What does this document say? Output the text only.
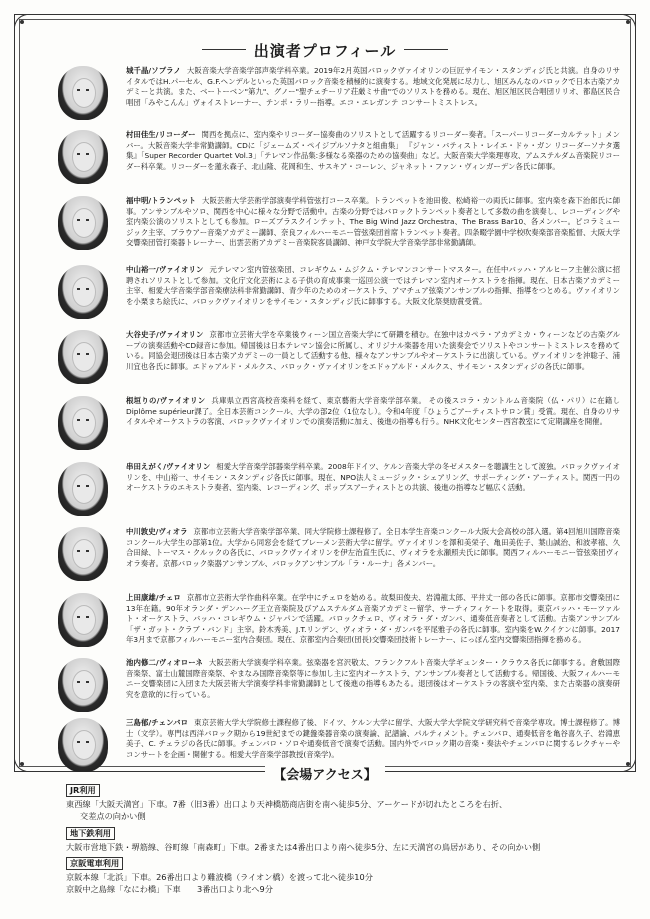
出演者プロフィール
城千晶/ソプラノ 大阪音楽大学音楽学部声楽学科卒業。2019年2月英国バロックヴァイオリンの巨匠サイモン・スタンディジ氏と共演。自身のリサイタルではH.パーセル、G.F.ヘンデルといった英国バロック音楽を積極的に演奏する。地域文化発展に尽力し、旭区みんなのバロックで日本古楽アカデミーと共演。また、ベートーベン"第九"、グノー"聖チェチーリア荘厳ミサ曲"でのソリストを務める。現在、旭区旭区民合唱団リリオ、都島区民合唱団「みやこんん」ヴォイストレーナー、テンポ・ラリー指導。エコ・エレガンテ コンサートミストレス。
村田佳生/リコーダー 関西を拠点に、室内楽やリコーダー協奏曲のソリストとして活躍するリコーダー奏者。「スーパーリコーダーカルテット」メンバー。大阪音楽大学非常勤講師。CDに「ジェームズ・ペイジプルソナタと組曲集」 『ジャン・バティスト・レイエ・ドゥ・ガン リコーダーソナタ選集』「Super Recorder Quartet Vol.3」「テレマン作品集:多様なる楽器のための協奏曲」など。大阪音楽大学楽理専攻、アムステルダム音楽院リコーダー科卒業。リコーダーを蓮永森子、北山隆、花岡和生、サスキア・コーレン、ジャネット・ファン・ヴィンガーデン各氏に師事。
福中明/トランペット 大阪芸術大学芸術学部演奏学科管弦打コース卒業。トランペットを池田俊、松崎裕一の両氏に師事。室内楽を森下治郎氏に師事。アンサンブルやソロ、関西を中心に様々な分野で活動中。古楽の分野ではバロックトランペット奏者として多数の曲を演奏し、レコーディングや室内楽公演のソリストとしても参加。ローズブラスクインテット、The Big Wind Jazz Orchestra、The Brass Bar10、各メンバー。ピコラミュージック主宰、ブラウアー音楽アカデミー講師、奈良フィルハーモニー管弦楽団首席トランペット奏者。四条畷学園中学校吹奏楽部音楽監督、大阪大学交響楽団管打楽器トレーナー、出雲芸術アカデミー音楽院客員講師、神戸女学院大学音楽学部非常勤講師。
中山裕一/ヴァイオリン 元テレマン室内管弦楽団、コレギウム・ムジクム・テレマンコンサートマスター。在任中バッハ・アルヒーフ主催公演に招聘されソリストとして参加。文化庁文化芸術による子供の育成事業一巡回公演一ではテレマン室内オーケストラを指揮。現在、日本古楽アカデミー主宰、相愛大学音楽学部音楽療法科非常勤講師、青少年のためのオーケストラ、アマチュア弦楽アンサンブルの指揮、指導をつとめる。ヴァイオリンを小栗まち絵氏に、バロックヴァイオリンをサイモン・スタンディジ氏に師事する。大阪文化祭奨励賞受賞。
大谷史子/ヴァイオリン 京都市立芸術大学を卒業後ウィーン国立音楽大学にて研鑽を積む。在独中はカペラ・アカデミカ・ウィーンなどの古楽グループの演奏活動やCD録音に参加。帰国後は日本テレマン協会に所属し、オリジナル楽器を用いた演奏会でソリストやコンサートミストレスを務めている。同協会退団後は日本古楽アカデミーの一員として活動する他、様々なアンサンブルやオーケストラに出演している。ヴァイオリンを沖聡子、浦川宜也各氏に師事。エドゥアルド・メルクス、バロック・ヴァイオリンをエドゥアルド・メルクス、サイモン・スタンディジの各氏に師事。
根垣りの/ヴァイオリン 兵庫県立西宮高校音楽科を経て、東京藝術大学音楽学部卒業。 その後スコラ・カントルム音楽院（仏・パリ）に在籍しDiplôme supérieur課了。全日本芸術コンクール、大学の部2位（1位なし）。令和4年度「ひょうごアーティストサロン賞」受賞。現在、自身のリサイタルやオーケストラの客演、バロックヴァイオリンでの演奏活動に加え、後進の指導も行う。NHK文化センター西宮教室にて定期講座を開催。
串田えがく/ヴァイオリン 相愛大学音楽学部器楽学科卒業。2008年ドイツ、ケルン音楽大学の冬ゼメスターを聴講生として渡独。バロックヴァイオリンを、中山裕一、サイモン・スタンディジ各氏に師事。現在、NPO法人ミュージック・シェアリング、サポーティング・アーティスト。関西一円のオーケストラのエキストラ奏者、室内楽、レコーディング、ポップスアーティストとの共演、後進の指導など幅広く活動。
中川敦史/ヴィオラ 京都市立芸術大学音楽学部卒業、同大学院修士課程修了。全日本学生音楽コンクール大阪大会高校の部入選。第4回旭川国際音楽コンクール大学生の部第1位。大学から同窓会を経てブレーメン芸術大学に留学。ヴァイオリンを澤和美栄子、亀田美佐子、葉山誠治、和波孝禧、久合田緑、トーマス・クルックの各氏に、バロックヴァイオリンを伊左治直生氏に、ヴィオラを永瀬照夫氏に師事。関西フィルハーモニー管弦楽団ヴィオラ奏者。京都バロック楽器アンサンブル、バロックアンサンブル「ラ・ルーナ」各メンバー。
上田康雄/チェロ 京都市立芸術大学作曲科卒業。在学中にチェロを始める。故梨田俊夫、岩淵龍太郎、平井丈一郎の各氏に師事。京都市交響楽団に13年在籍。90年オランダ・デンハーグ王立音楽院及びアムステルダム音楽アカデミー留学、サーティフィケートを取得。東京バッハ・モーツァルト・オーケストラ、バッハ・コレギウム・ジャパンで活躍。バロックチェロ、ヴィオラ・ダ・ガンバ、通奏低音奏者として活動。古楽アンサンブル「ザ・ガット・クラブ・バンド」主宰。鈴木秀美、J.T.リンデン、ヴィオラ・ダ・ガンバを平尾雅子の各氏に師事。室内楽をW.クイケンに師事。2017年3月まで京都フィルハーモニー室内合奏団。現在、京都室内合奏団(団長)交響楽団技術トレーナー、にっぽん室内交響楽団指揮を務める。
池内修二/ヴィオローネ 大阪芸術大学演奏学科卒業。弦楽器を宮沢敬太、フランクフルト音楽大学ギュンター・クラウス各氏に師事する。倉敷国際音楽祭、富士山麓国際音楽祭、やまなみ国際音楽祭等に参加し主に室内オーケストラ、アンサンブル奏者として活動する。帰国後、大阪フィルハーモニー交響楽団に入団また大阪芸術大学演奏学科非常勤講師として後進の指導もあたる。退団後はオーケストラの客演や室内楽、また古楽器の演奏研究を意欲的に行っている。
三島郁/チェンバロ 東京芸術大学大学院修士課程修了後、ドイツ、ケルン大学に留学、大阪大学大学院文学研究科で音楽学専攻。博士課程修了。博士（文学）。専門は西洋バロック期から19世紀までの鍵盤楽器音楽の演奏論、記譜論、パルティメント。チェンバロ、通奏低音を亀谷喜久子、岩淵恵美子、C. チェラジの各氏に師事。チェンバロ・ソロや通奏低音で演奏で活動。国内外でバロック期の音楽・奏法やチェンバロに関するレクチャーやコンサートを企画・開催する。相愛大学音楽学部教授(音楽学)。
【会場アクセス】
JR利用
東西線「大阪天満宮」下車。7番（旧3番）出口より天神橋筋商店街を南へ徒歩5分、アーケードが切れたところを右折、
交差点の向かい側
地下鉄利用
大阪市営地下鉄・堺筋線、谷町線「南森町」下車。2番または4番出口より南へ徒歩5分、左に天満宮の鳥居があり、その向かい側
京阪電車利用
京阪本線「北浜」下車。26番出口より難波橋（ライオン橋）を渡って北へ徒歩10分
京阪中之島線「なにわ橋」下車　　3番出口より北へ9分
